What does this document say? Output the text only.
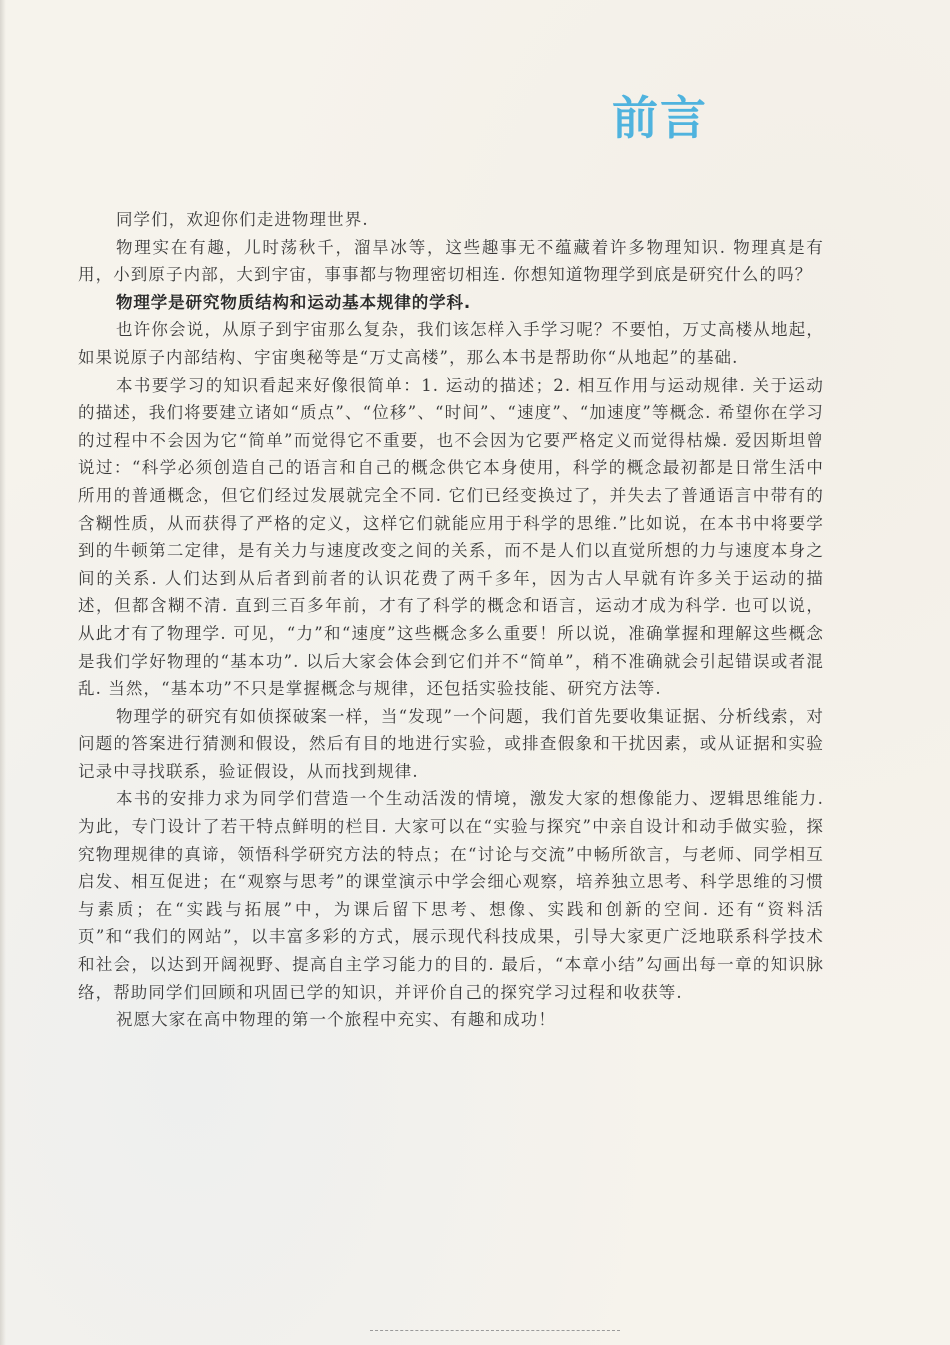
前言

同学们，欢迎你们走进物理世界.

物理实在有趣，儿时荡秋千，溜旱冰等，这些趣事无不蕴藏着许多物理知识. 物理真是有用，小到原子内部，大到宇宙，事事都与物理密切相连. 你想知道物理学到底是研究什么的吗？

物理学是研究物质结构和运动基本规律的学科.

也许你会说，从原子到宇宙那么复杂，我们该怎样入手学习呢？不要怕，万丈高楼从地起，如果说原子内部结构、宇宙奥秘等是“万丈高楼”，那么本书是帮助你“从地起”的基础.

本书要学习的知识看起来好像很简单：1. 运动的描述；2. 相互作用与运动规律. 关于运动的描述，我们将要建立诸如“质点”、“位移”、“时间”、“速度”、“加速度”等概念. 希望你在学习的过程中不会因为它“简单”而觉得它不重要，也不会因为它要严格定义而觉得枯燥. 爱因斯坦曾说过：“科学必须创造自己的语言和自己的概念供它本身使用，科学的概念最初都是日常生活中所用的普通概念，但它们经过发展就完全不同. 它们已经变换过了，并失去了普通语言中带有的含糊性质，从而获得了严格的定义，这样它们就能应用于科学的思维.”比如说，在本书中将要学到的牛顿第二定律，是有关力与速度改变之间的关系，而不是人们以直觉所想的力与速度本身之间的关系. 人们达到从后者到前者的认识花费了两千多年，因为古人早就有许多关于运动的描述，但都含糊不清. 直到三百多年前，才有了科学的概念和语言，运动才成为科学. 也可以说，从此才有了物理学. 可见，“力”和“速度”这些概念多么重要！所以说，准确掌握和理解这些概念是我们学好物理的“基本功”. 以后大家会体会到它们并不“简单”，稍不准确就会引起错误或者混乱. 当然，“基本功”不只是掌握概念与规律，还包括实验技能、研究方法等.

物理学的研究有如侦探破案一样，当“发现”一个问题，我们首先要收集证据、分析线索，对问题的答案进行猜测和假设，然后有目的地进行实验，或排查假象和干扰因素，或从证据和实验记录中寻找联系，验证假设，从而找到规律.

本书的安排力求为同学们营造一个生动活泼的情境，激发大家的想像能力、逻辑思维能力. 为此，专门设计了若干特点鲜明的栏目. 大家可以在“实验与探究”中亲自设计和动手做实验，探究物理规律的真谛，领悟科学研究方法的特点；在“讨论与交流”中畅所欲言，与老师、同学相互启发、相互促进；在“观察与思考”的课堂演示中学会细心观察，培养独立思考、科学思维的习惯与素质；在“实践与拓展”中，为课后留下思考、想像、实践和创新的空间. 还有“资料活页”和“我们的网站”，以丰富多彩的方式，展示现代科技成果，引导大家更广泛地联系科学技术和社会，以达到开阔视野、提高自主学习能力的目的. 最后，“本章小结”勾画出每一章的知识脉络，帮助同学们回顾和巩固已学的知识，并评价自己的探究学习过程和收获等.

祝愿大家在高中物理的第一个旅程中充实、有趣和成功！
